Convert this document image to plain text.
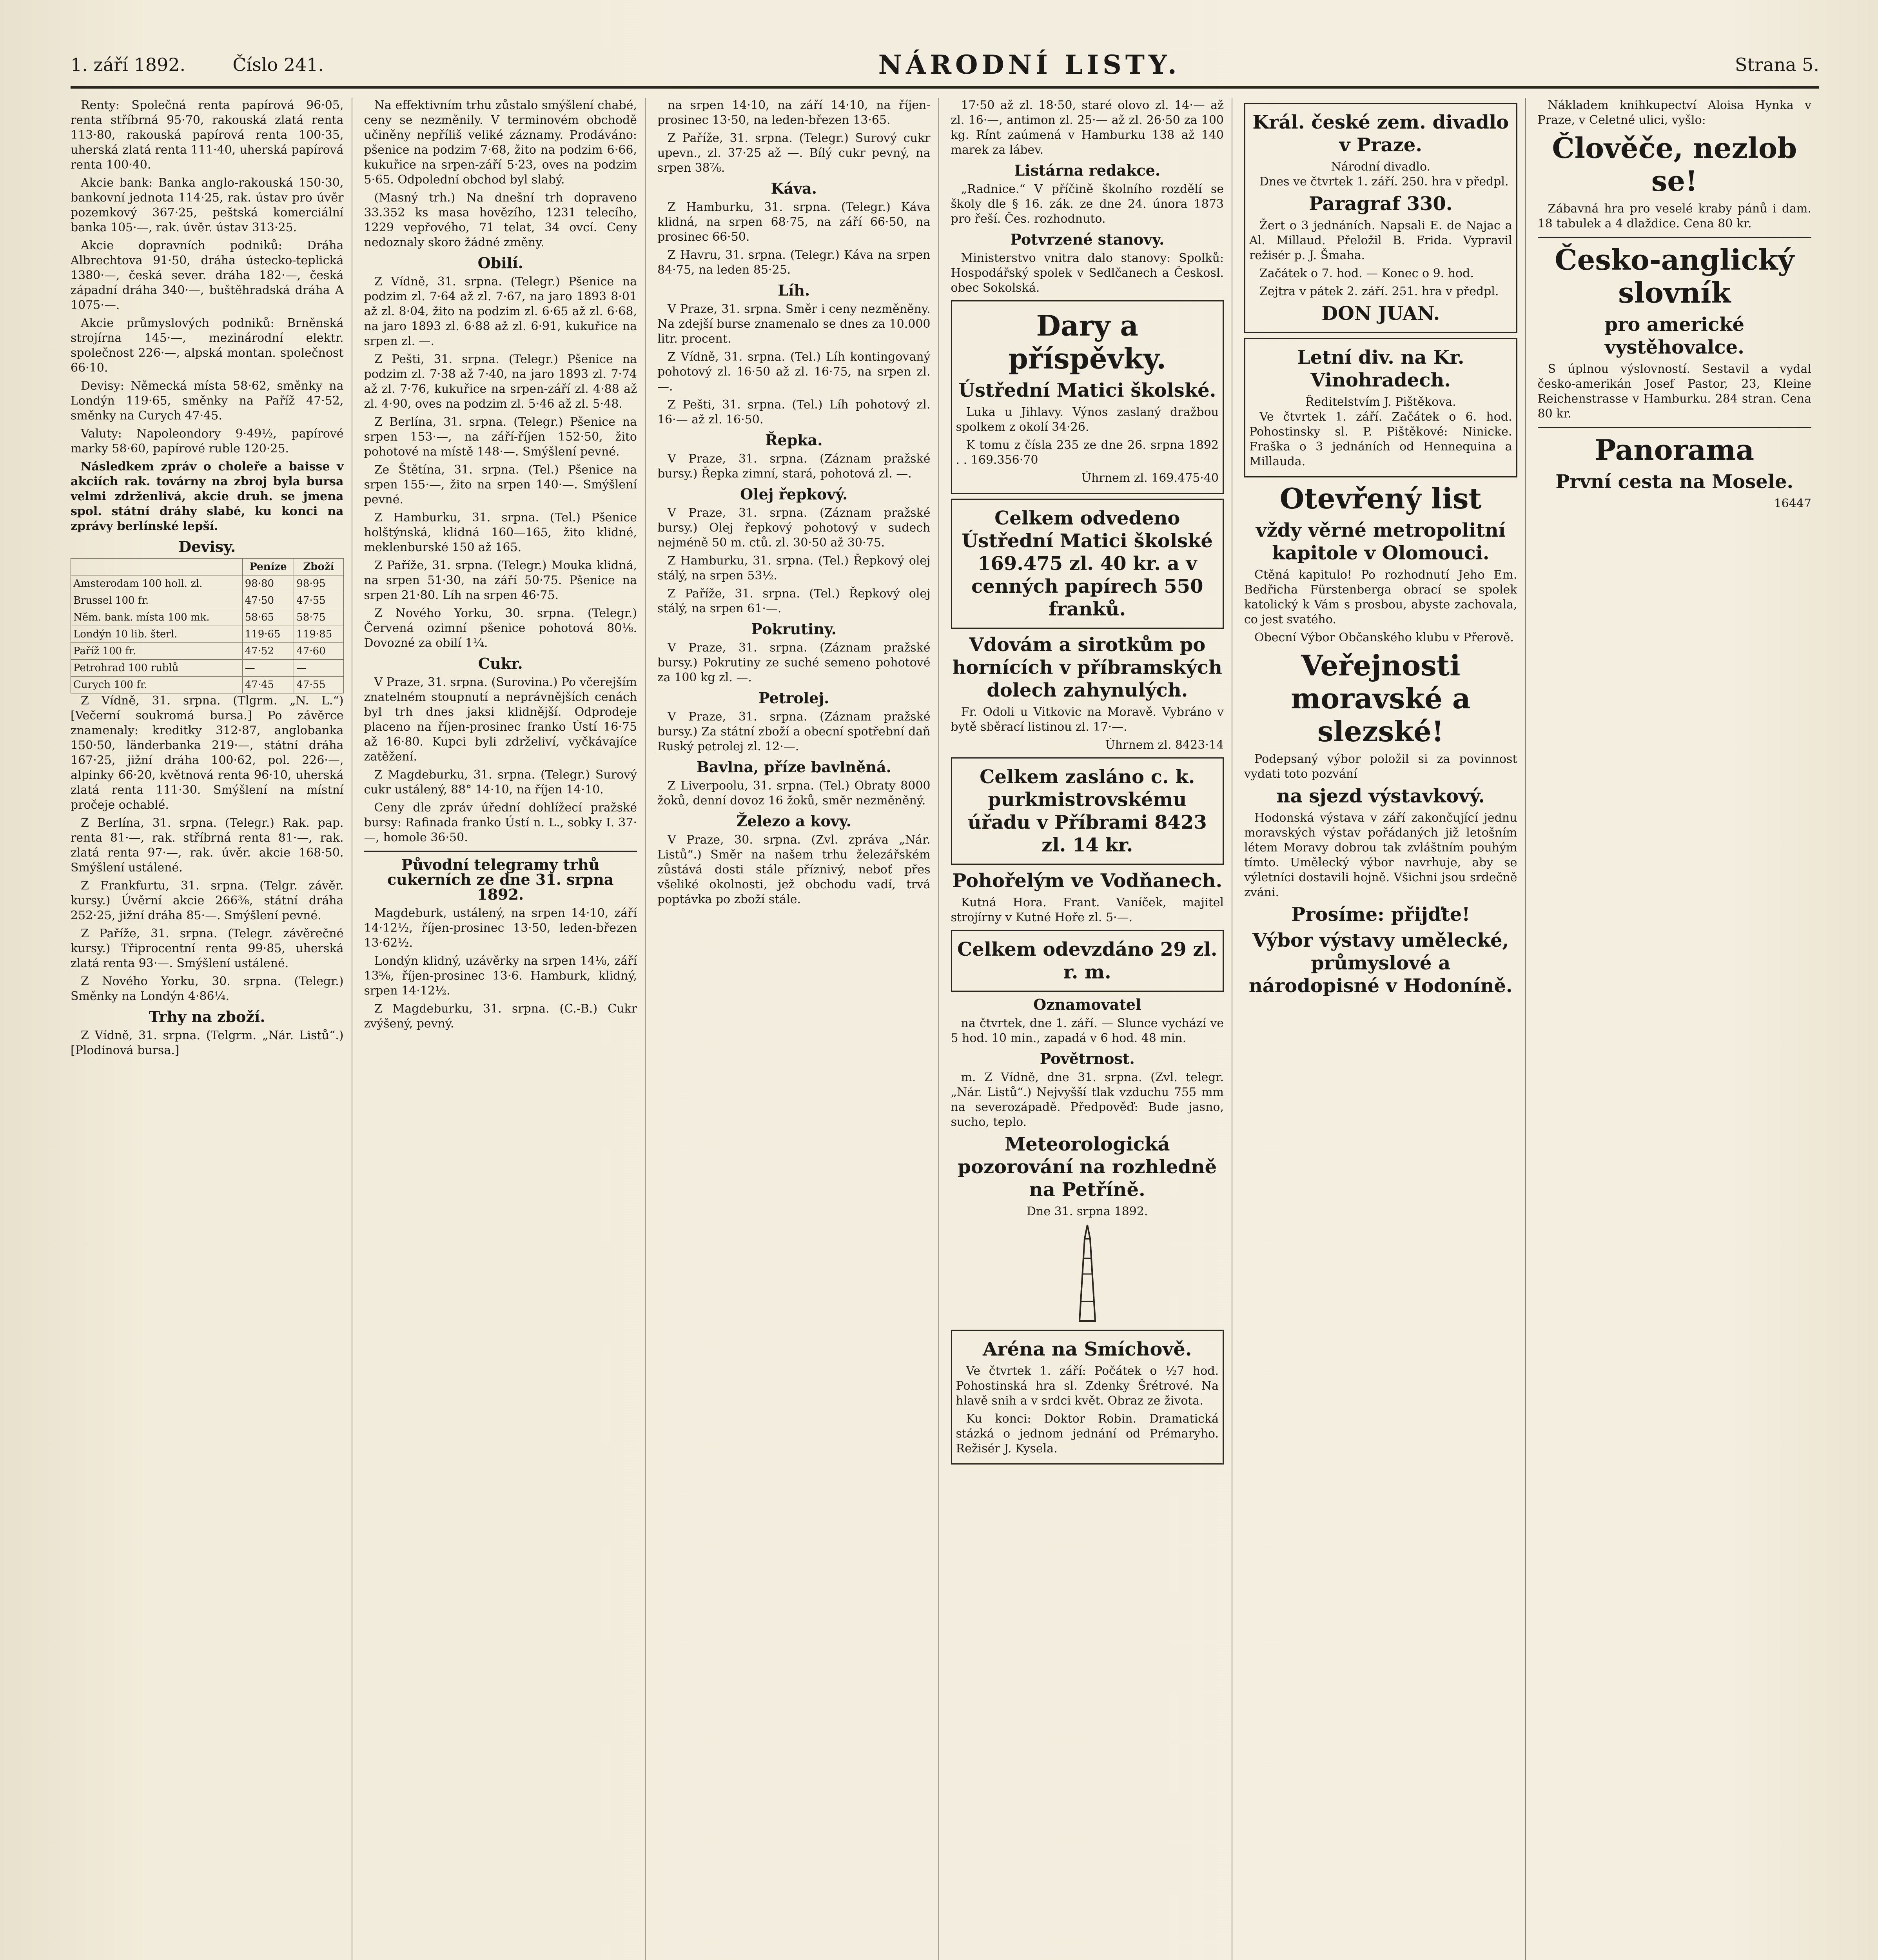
1. září 1892.	Číslo 241.	NÁRODNÍ LISTY.	Strana 5.

Renty: Společná renta papírová 96·05, renta stříbrná 95·70, rakouská zlatá renta 113·80, rakouská papírová renta 100·35, uherská zlatá renta 111·40, uherská papírová renta 100·40.

Akcie bank: Banka anglo-rakouská 150·30, bankovní jednota 114·25, rak. ústav pro úvěr pozemkový 367·25, peštská komerciální banka 105·—, rak. úvěr. ústav 313·25.

Akcie dopravních podniků: Dráha Albrechtova 91·50, dráha ústecko-teplická 1380·—, česká sever. dráha 182·—, česká západní dráha 340·—, buštěhradská dráha A 1075·—.

Akcie průmyslových podniků: Brněnská strojírna 145·—, mezinárodní elektr. společnost 226·—, alpská montan. společnost 66·10.

Devisy: Německá místa 58·62, směnky na Londýn 119·65, směnky na Paříž 47·52, směnky na Curych 47·45.

Valuty: Napoleondory 9·49½, papírové marky 58·60, papírové ruble 120·25.

Následkem zpráv o choleře a baisse v akciích rak. továrny na zbroj byla bursa velmi zdrženlivá, akcie druh. se jmena spol. státní dráhy slabé, ku konci na zprávy berlínské lepší.

Devisy.
	Peníze	Zboží
Amsterodam 100 holl. zl.	98·80	98·95
Brussel 100 fr.	47·50	47·55
Něm. bank. místa 100 mk.	58·65	58·75
Londýn 10 lib. šterl.	119·65	119·85
Paříž 100 fr.	47·52	47·60
Petrohrad 100 rublů	—	—
Curych 100 fr.	47·45	47·55

Z Vídně, 31. srpna. (Tlgrm. „N. L.“) [Večerní soukromá bursa.] Po závěrce znamenaly: kreditky 312·87, anglobanka 150·50, länderbanka 219·—, státní dráha 167·25, jižní dráha 100·62, pol. 226·—, alpinky 66·20, květnová renta 96·10, uherská zlatá renta 111·30. Smýšlení na místní pročeje ochablé.

Z Berlína, 31. srpna. (Telegr.) Rak. pap. renta 81·—, rak. stříbrná renta 81·—, rak. zlatá renta 97·—, rak. úvěr. akcie 168·50. Smýšlení ustálené.

Z Frankfurtu, 31. srpna. (Telgr. závěr. kursy.) Úvěrní akcie 266⅜, státní dráha 252·25, jižní dráha 85·—. Smýšlení pevné.

Z Paříže, 31. srpna. (Telegr. závěrečné kursy.) Třiprocentní renta 99·85, uherská zlatá renta 93·—. Smýšlení ustálené.

Z Nového Yorku, 30. srpna. (Telegr.) Směnky na Londýn 4·86¼.

Trhy na zboží.

Z Vídně, 31. srpna. (Telgrm. „Nár. Listů“.) [Plodinová bursa.]

Na effektivním trhu zůstalo smýšlení chabé, ceny se nezměnily. V terminovém obchodě učiněny nepříliš veliké záznamy. Prodáváno: pšenice na podzim 7·68, žito na podzim 6·66, kukuřice na srpen-září 5·23, oves na podzim 5·65. Odpolední obchod byl slabý.

(Masný trh.) Na dnešní trh dopraveno 33.352 ks masa hovězího, 1231 telecího, 1229 vepřového, 71 telat, 34 ovcí. Ceny nedoznaly skoro žádné změny.

Obilí.

Z Vídně, 31. srpna. (Telegr.) Pšenice na podzim zl. 7·64 až zl. 7·67, na jaro 1893 8·01 až zl. 8·04, žito na podzim zl. 6·65 až zl. 6·68, na jaro 1893 zl. 6·88 až zl. 6·91, kukuřice na srpen zl. —.

Z Pešti, 31. srpna. (Telegr.) Pšenice na podzim zl. 7·38 až 7·40, na jaro 1893 zl. 7·74 až zl. 7·76, kukuřice na srpen-září zl. 4·88 až zl. 4·90, oves na podzim zl. 5·46 až zl. 5·48.

Z Berlína, 31. srpna. (Telegr.) Pšenice na srpen 153·—, na září-říjen 152·50, žito pohotové na místě 148·—. Smýšlení pevné.

Ze Štětína, 31. srpna. (Tel.) Pšenice na srpen 155·—, žito na srpen 140·—. Smýšlení pevné.

Z Hamburku, 31. srpna. (Tel.) Pšenice holštýnská, klidná 160—165, žito klidné, meklenburské 150 až 165.

Z Paříže, 31. srpna. (Telegr.) Mouka klidná, na srpen 51·30, na září 50·75. Pšenice na srpen 21·80. Líh na srpen 46·75.

Z Nového Yorku, 30. srpna. (Telegr.) Červená ozimní pšenice pohotová 80⅛. Dovozné za obilí 1¼.

Cukr.

V Praze, 31. srpna. (Surovina.) Po včerejším znatelném stoupnutí a neprávnějších cenách byl trh dnes jaksi klidnější. Odprodeje placeno na říjen-prosinec franko Ústí 16·75 až 16·80. Kupci byli zdrželiví, vyčkávajíce zatěžení.

Z Magdeburku, 31. srpna. (Telegr.) Surový cukr ustálený, 88° 14·10, na říjen 14·10.

Ceny dle zpráv úřední dohlížecí pražské bursy: Rafinada franko Ústí n. L., sobky I. 37·—, homole 36·50.

Původní telegramy trhů cukerních ze dne 31. srpna 1892.

Magdeburk, ustálený, na srpen 14·10, září 14·12½, říjen-prosinec 13·50, leden-březen 13·62½.

Londýn klidný, uzávěrky na srpen 14⅛, září 13⅝, říjen-prosinec 13·6. Hamburk, klidný, srpen 14·12½.

Z Magdeburku, 31. srpna. (C.-B.) Cukr zvýšený, pevný.

na srpen 14·10, na září 14·10, na říjen-prosinec 13·50, na leden-březen 13·65.

Z Paříže, 31. srpna. (Telegr.) Surový cukr upevn., zl. 37·25 až —. Bílý cukr pevný, na srpen 38⅞.

Káva.

Z Hamburku, 31. srpna. (Telegr.) Káva klidná, na srpen 68·75, na září 66·50, na prosinec 66·50.

Z Havru, 31. srpna. (Telegr.) Káva na srpen 84·75, na leden 85·25.

Líh.

V Praze, 31. srpna. Směr i ceny nezměněny. Na zdejší burse znamenalo se dnes za 10.000 litr. procent.

Z Vídně, 31. srpna. (Tel.) Líh kontingovaný pohotový zl. 16·50 až zl. 16·75, na srpen zl. —.

Z Pešti, 31. srpna. (Tel.) Líh pohotový zl. 16·— až zl. 16·50.

Řepka.

V Praze, 31. srpna. (Záznam pražské bursy.) Řepka zimní, stará, pohotová zl. —.

Olej řepkový.

V Praze, 31. srpna. (Záznam pražské bursy.) Olej řepkový pohotový v sudech nejméně 50 m. ctů. zl. 30·50 až 30·75.

Z Hamburku, 31. srpna. (Tel.) Řepkový olej stálý, na srpen 53½.

Z Paříže, 31. srpna. (Tel.) Řepkový olej stálý, na srpen 61·—.

Pokrutiny.

V Praze, 31. srpna. (Záznam pražské bursy.) Pokrutiny ze suché semeno pohotové za 100 kg zl. —.

Petrolej.

V Praze, 31. srpna. (Záznam pražské bursy.) Za státní zboží a obecní spotřební daň Ruský petrolej zl. 12·—.

Bavlna, příze bavlněná.

Z Liverpoolu, 31. srpna. (Tel.) Obraty 8000 žoků, denní dovoz 16 žoků, směr nezměněný.

Železo a kovy.

V Praze, 30. srpna. (Zvl. zpráva „Nár. Listů“.) Směr na našem trhu železářském zůstává dosti stále příznivý, neboť přes všeliké okolnosti, jež obchodu vadí, trvá poptávka po zboží stále.

17·50 až zl. 18·50, staré olovo zl. 14·— až zl. 16·—, antimon zl. 25·— až zl. 26·50 za 100 kg. Rínt zaúmená v Hamburku 138 až 140 marek za lábev.

Listárna redakce.

„Radnice.“ V příčině školního rozdělí se školy dle § 16. zák. ze dne 24. února 1873 pro řeší. Čes. rozhodnuto.

Potvrzené stanovy.

Ministerstvo vnitra dalo stanovy: Spolků: Hospodářský spolek v Sedlčanech a Českosl. obec Sokolská.

Dary a příspěvky.
Ústřední Matici školské.

Luka u Jihlavy. Výnos zaslaný dražbou spolkem z okolí 34·26.

K tomu z čísla 235 ze dne 26. srpna 1892 . . 169.356·70

Úhrnem zl. 169.475·40

Celkem odvedeno Ústřední Matici školské 169.475 zl. 40 kr. a v cenných papírech 550 franků.
Vdovám a sirotkům po hornících v příbramských dolech zahynulých.

Fr. Odoli u Vitkovic na Moravě. Vybráno v bytě sběrací listinou zl. 17·—.

Úhrnem zl. 8423·14

Celkem zasláno c. k. purkmistrovskému úřadu v Příbrami 8423 zl. 14 kr.
Pohořelým ve Vodňanech.

Kutná Hora. Frant. Vaníček, majitel strojírny v Kutné Hoře zl. 5·—.

Celkem odevzdáno 29 zl. r. m.
Oznamovatel

na čtvrtek, dne 1. září. — Slunce vychází ve 5 hod. 10 min., zapadá v 6 hod. 48 min.

Povětrnost.

m. Z Vídně, dne 31. srpna. (Zvl. telegr. „Nár. Listů“.) Nejvyšší tlak vzduchu 755 mm na severozápadě. Předpověď: Bude jasno, sucho, teplo.

Meteorologická pozorování na rozhledně na Petříně.
Dne 31. srpna 1892.
Aréna na Smíchově.

Ve čtvrtek 1. září: Počátek o ½7 hod. Pohostinská hra sl. Zdenky Šrétrové. Na hlavě snih a v srdci květ. Obraz ze života.

Ku konci: Doktor Robin. Dramatická stázká o jednom jednání od Prémaryho. Režisér J. Kysela.

Král. české zem. divadlo v Praze.
Národní divadlo.

Dnes ve čtvrtek 1. září. 250. hra v předpl.

Paragraf 330.

Žert o 3 jednáních. Napsali E. de Najac a Al. Millaud. Přeložil B. Frida. Vypravil režisér p. J. Šmaha.

Začátek o 7. hod. — Konec o 9. hod.

Zejtra v pátek 2. září. 251. hra v předpl.

DON JUAN.
Letní div. na Kr. Vinohradech.
Ředitelstvím J. Pištěkova.

Ve čtvrtek 1. září. Začátek o 6. hod. Pohostinsky sl. P. Pištěkové: Ninicke. Fraška o 3 jednáních od Hennequina a Millauda.

Otevřený list
vždy věrné metropolitní kapitole v Olomouci.

Ctěná kapitulo! Po rozhodnutí Jeho Em. Bedřicha Fürstenberga obrací se spolek katolický k Vám s prosbou, abyste zachovala, co jest svatého.

Obecní Výbor Občanského klubu v Přerově.

Veřejnosti moravské a slezské!

Podepsaný výbor položil si za povinnost vydati toto pozvání

na sjezd výstavkový.

Hodonská výstava v září zakončující jednu moravských výstav pořádaných již letošním létem Moravy dobrou tak zvláštním pouhým tímto. Umělecký výbor navrhuje, aby se výletníci dostavili hojně. Všichni jsou srdečně zváni.

Prosíme: přijďte!
Výbor výstavy umělecké, průmyslové a národopisné v Hodoníně.

Nákladem knihkupectví Aloisa Hynka v Praze, v Celetné ulici, vyšlo:

Člověče, nezlob se!

Zábavná hra pro veselé kraby pánů i dam. 18 tabulek a 4 dlaždice. Cena 80 kr.

Česko-anglický slovník
pro americké vystěhovalce.

S úplnou výslovností. Sestavil a vydal česko-amerikán Josef Pastor, 23, Kleine Reichenstrasse v Hamburku. 284 stran. Cena 80 kr.

Panorama
První cesta na Mosele.

16447
